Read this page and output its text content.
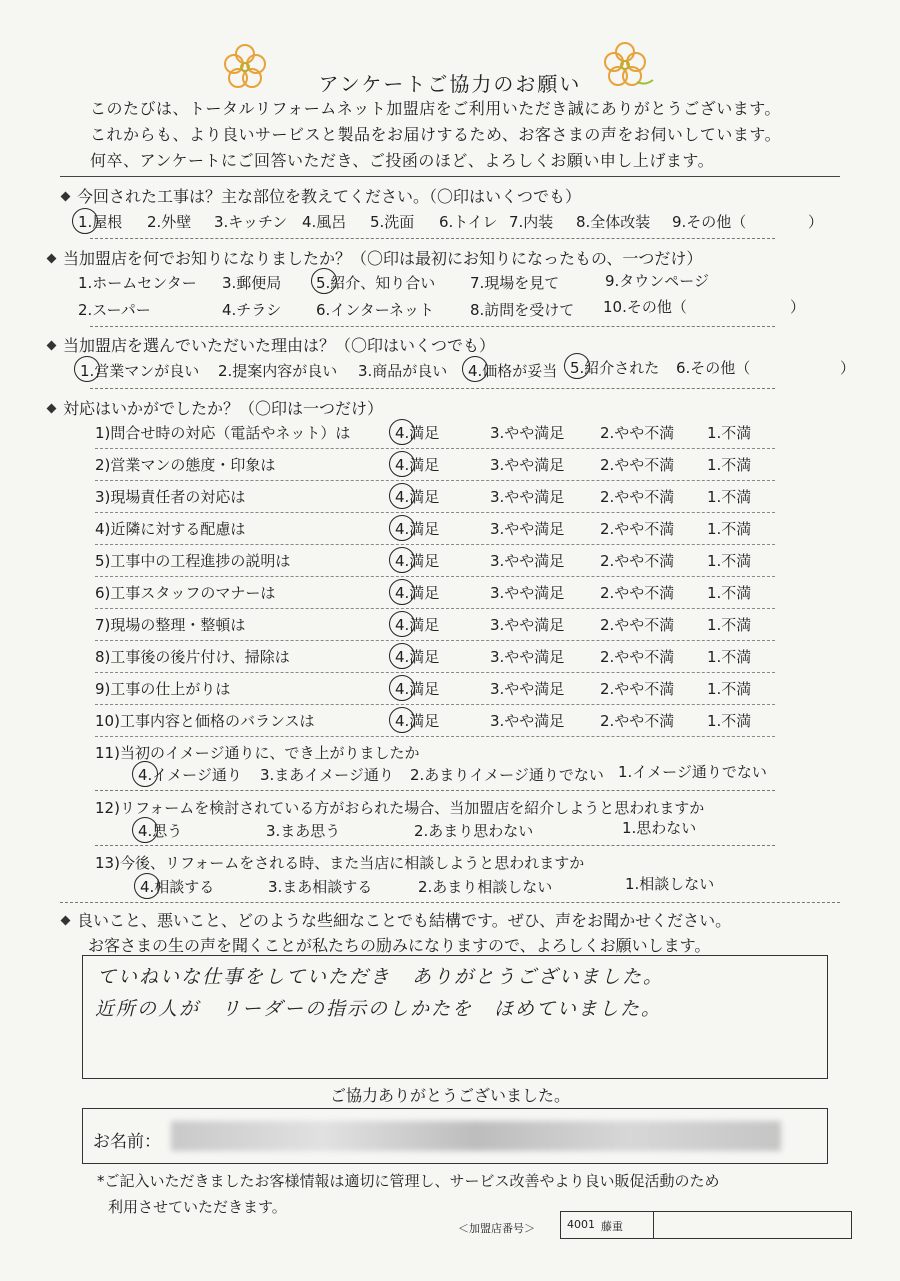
アンケートご協力のお願い
このたびは、トータルリフォームネット加盟店をご利用いただき誠にありがとうございます。
これからも、より良いサービスと製品をお届けするため、お客さまの声をお伺いしています。
何卒、アンケートにご回答いただき、ご投函のほど、よろしくお願い申し上げます。
今回された工事は？主な部位を教えてください。（〇印はいくつでも）
1.屋根 2.外壁 3.キッチン 4.風呂 5.洗面 6.トイレ 7.内装 8.全体改装 9.その他（	）
当加盟店を何でお知りになりましたか？（〇印は最初にお知りになったもの、一つだけ）
1.ホームセンター 3.郵便局 5.紹介、知り合い 7.現場を見て	9.タウンページ
2.スーパー	4.チラシ 6.インターネット 8.訪問を受けて 10.その他（	）
当加盟店を選んでいただいた理由は？（〇印はいくつでも）
1.営業マンが良い 2.提案内容が良い 3.商品が良い 4.価格が妥当 5.紹介された 6.その他（	）
対応はいかがでしたか？（〇印は一つだけ）
1)問合せ時の対応（電話やネット）は	4.満足	3.やや満足 2.やや不満 1.不満
2)営業マンの態度・印象は	4.満足	3.やや満足 2.やや不満 1.不満
3)現場責任者の対応は	4.満足	3.やや満足 2.やや不満 1.不満
4)近隣に対する配慮は	4.満足	3.やや満足 2.やや不満 1.不満
5)工事中の工程進捗の説明は	4.満足	3.やや満足 2.やや不満 1.不満
6)工事スタッフのマナーは	4.満足	3.やや満足 2.やや不満 1.不満
7)現場の整理・整頓は	4.満足	3.やや満足 2.やや不満 1.不満
8)工事後の後片付け、掃除は	4.満足	3.やや満足 2.やや不満 1.不満
9)工事の仕上がりは	4.満足	3.やや満足 2.やや不満 1.不満
10)工事内容と価格のバランスは	4.満足	3.やや満足 2.やや不満 1.不満
11)当初のイメージ通りに、でき上がりましたか
4.イメージ通り 3.まあイメージ通り 2.あまりイメージ通りでない 1.イメージ通りでない
12)リフォームを検討されている方がおられた場合、当加盟店を紹介しようと思われますか
4.思う	3.まあ思う	2.あまり思わない	1.思わない
13)今後、リフォームをされる時、また当店に相談しようと思われますか
4.相談する	3.まあ相談する	2.あまり相談しない	1.相談しない
良いこと、悪いこと、どのような些細なことでも結構です。ぜひ、声をお聞かせください。
お客さまの生の声を聞くことが私たちの励みになりますので、よろしくお願いします。
ていねいな仕事をしていただき　ありがとうございました。
近所の人が　リーダーの指示のしかたを　ほめていました。
ご協力ありがとうございました。
お名前：
*ご記入いただきましたお客様情報は適切に管理し、サービス改善やより良い販促活動のため
利用させていただきます。
＜加盟店番号＞	4001 藤重
